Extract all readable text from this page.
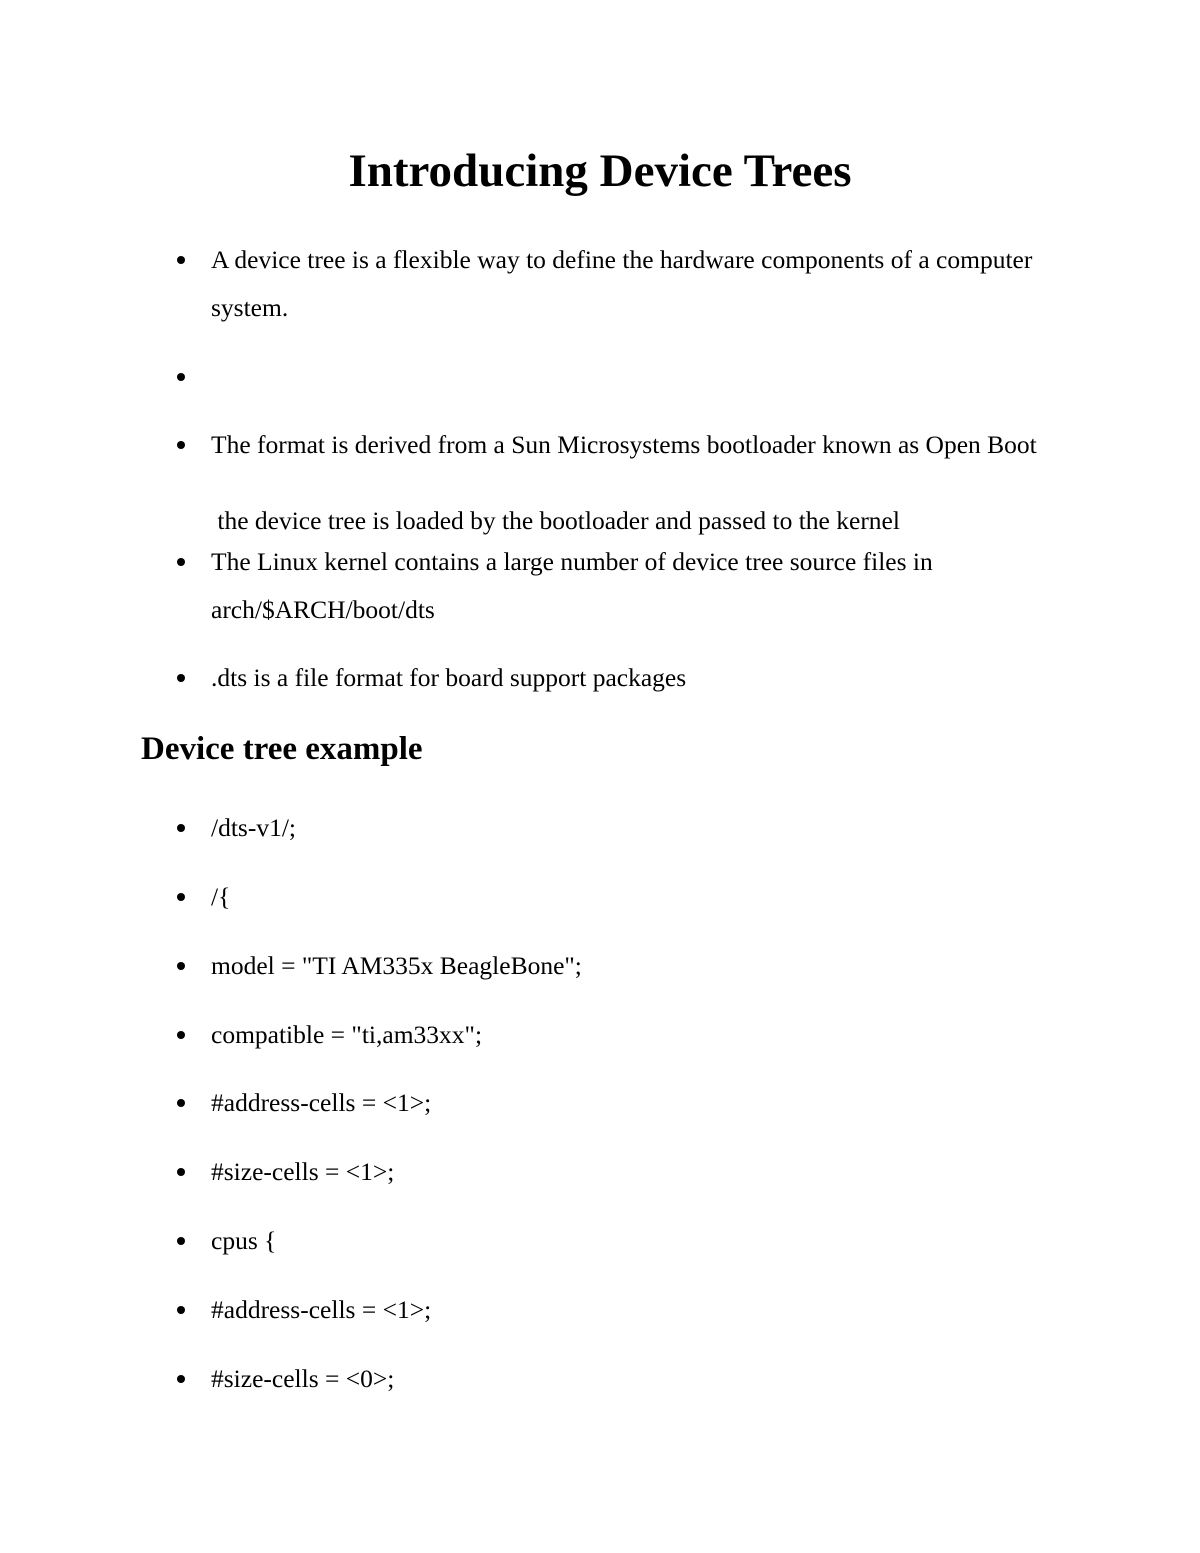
Introducing Device Trees
A device tree is a flexible way to define the hardware components of a computer system.

the device tree is loaded by the bootloader and passed to the kernel

The format is derived from a Sun Microsystems bootloader known as Open Boot
The Linux kernel contains a large number of device tree source files in arch/$ARCH/boot/dts
.dts is a file format for board support packages
Device tree example
/dts-v1/;
/{
model = "TI AM335x BeagleBone";
compatible = "ti,am33xx";
#address-cells = <1>;
#size-cells = <1>;
cpus {
#address-cells = <1>;
#size-cells = <0>;
